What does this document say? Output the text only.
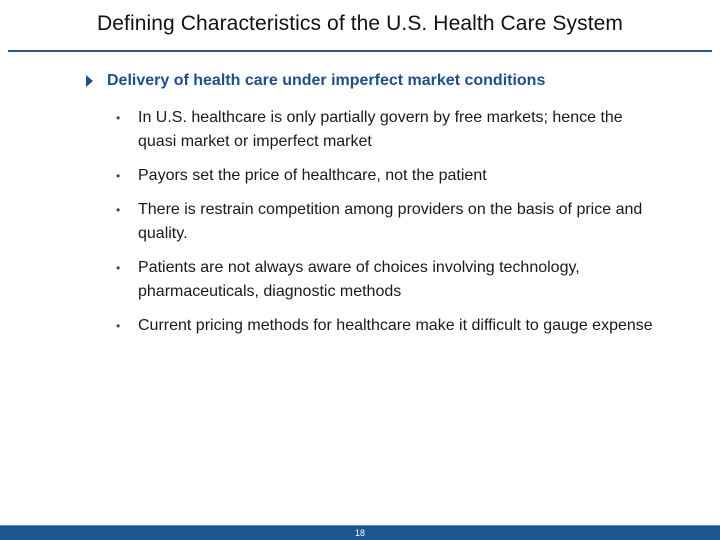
Defining Characteristics of the U.S. Health Care System
Delivery of health care under imperfect market conditions
• In U.S. healthcare is only partially govern by free markets; hence the quasi market or imperfect market
• Payors set the price of healthcare, not the patient
• There is restrain competition among providers on the basis of price and quality.
• Patients are not always aware of choices involving technology, pharmaceuticals, diagnostic methods
• Current pricing methods for healthcare make it difficult to gauge expense
18
